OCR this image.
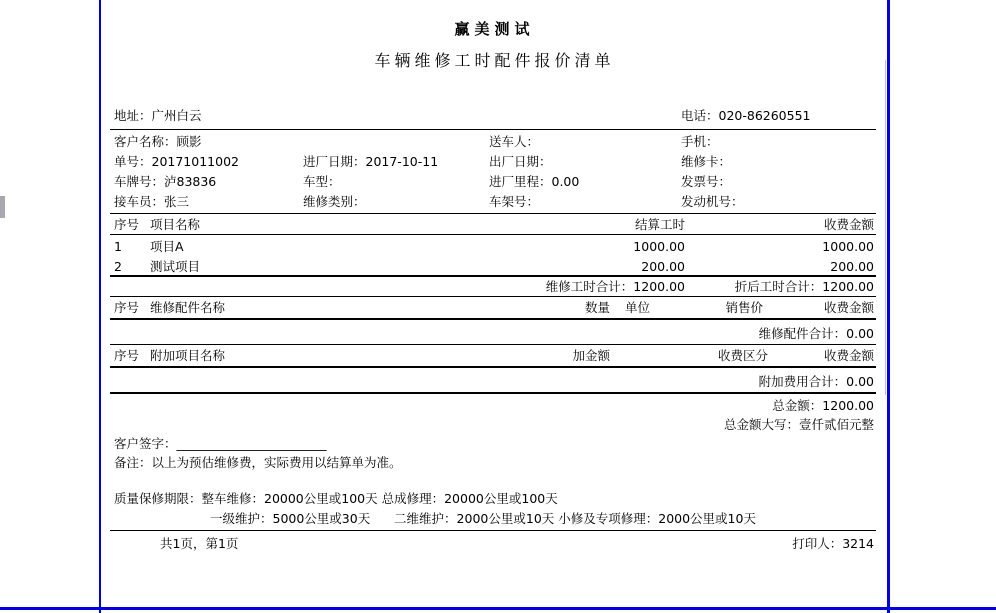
赢美测试
车辆维修工时配件报价清单
地址：广州白云	电话：020-86260551
客户名称：顾影	送车人：	手机：
单号：20171011002	进厂日期：2017-10-11	出厂日期：	维修卡：
车牌号：泸83836	车型：	进厂里程：0.00	发票号：
接车员：张三	维修类别：	车架号：	发动机号：
序号 项目名称	结算工时	收费金额
1 项目A	1000.00	1000.00
2 测试项目	200.00	200.00
维修工时合计：1200.00	折后工时合计：1200.00
序号 维修配件名称	数量 单位	销售价	收费金额
维修配件合计：0.00
序号 附加项目名称	加金额	收费区分	收费金额
附加费用合计：0.00
总金额：1200.00
总金额大写：壹仟贰佰元整
客户签字：________________________
备注：以上为预估维修费，实际费用以结算单为准。
质量保修期限：整车维修：20000公里或100天 总成修理：20000公里或100天
一级维护：5000公里或30天      二维维护：2000公里或10天 小修及专项修理：2000公里或10天
共1页，第1页	打印人：3214
